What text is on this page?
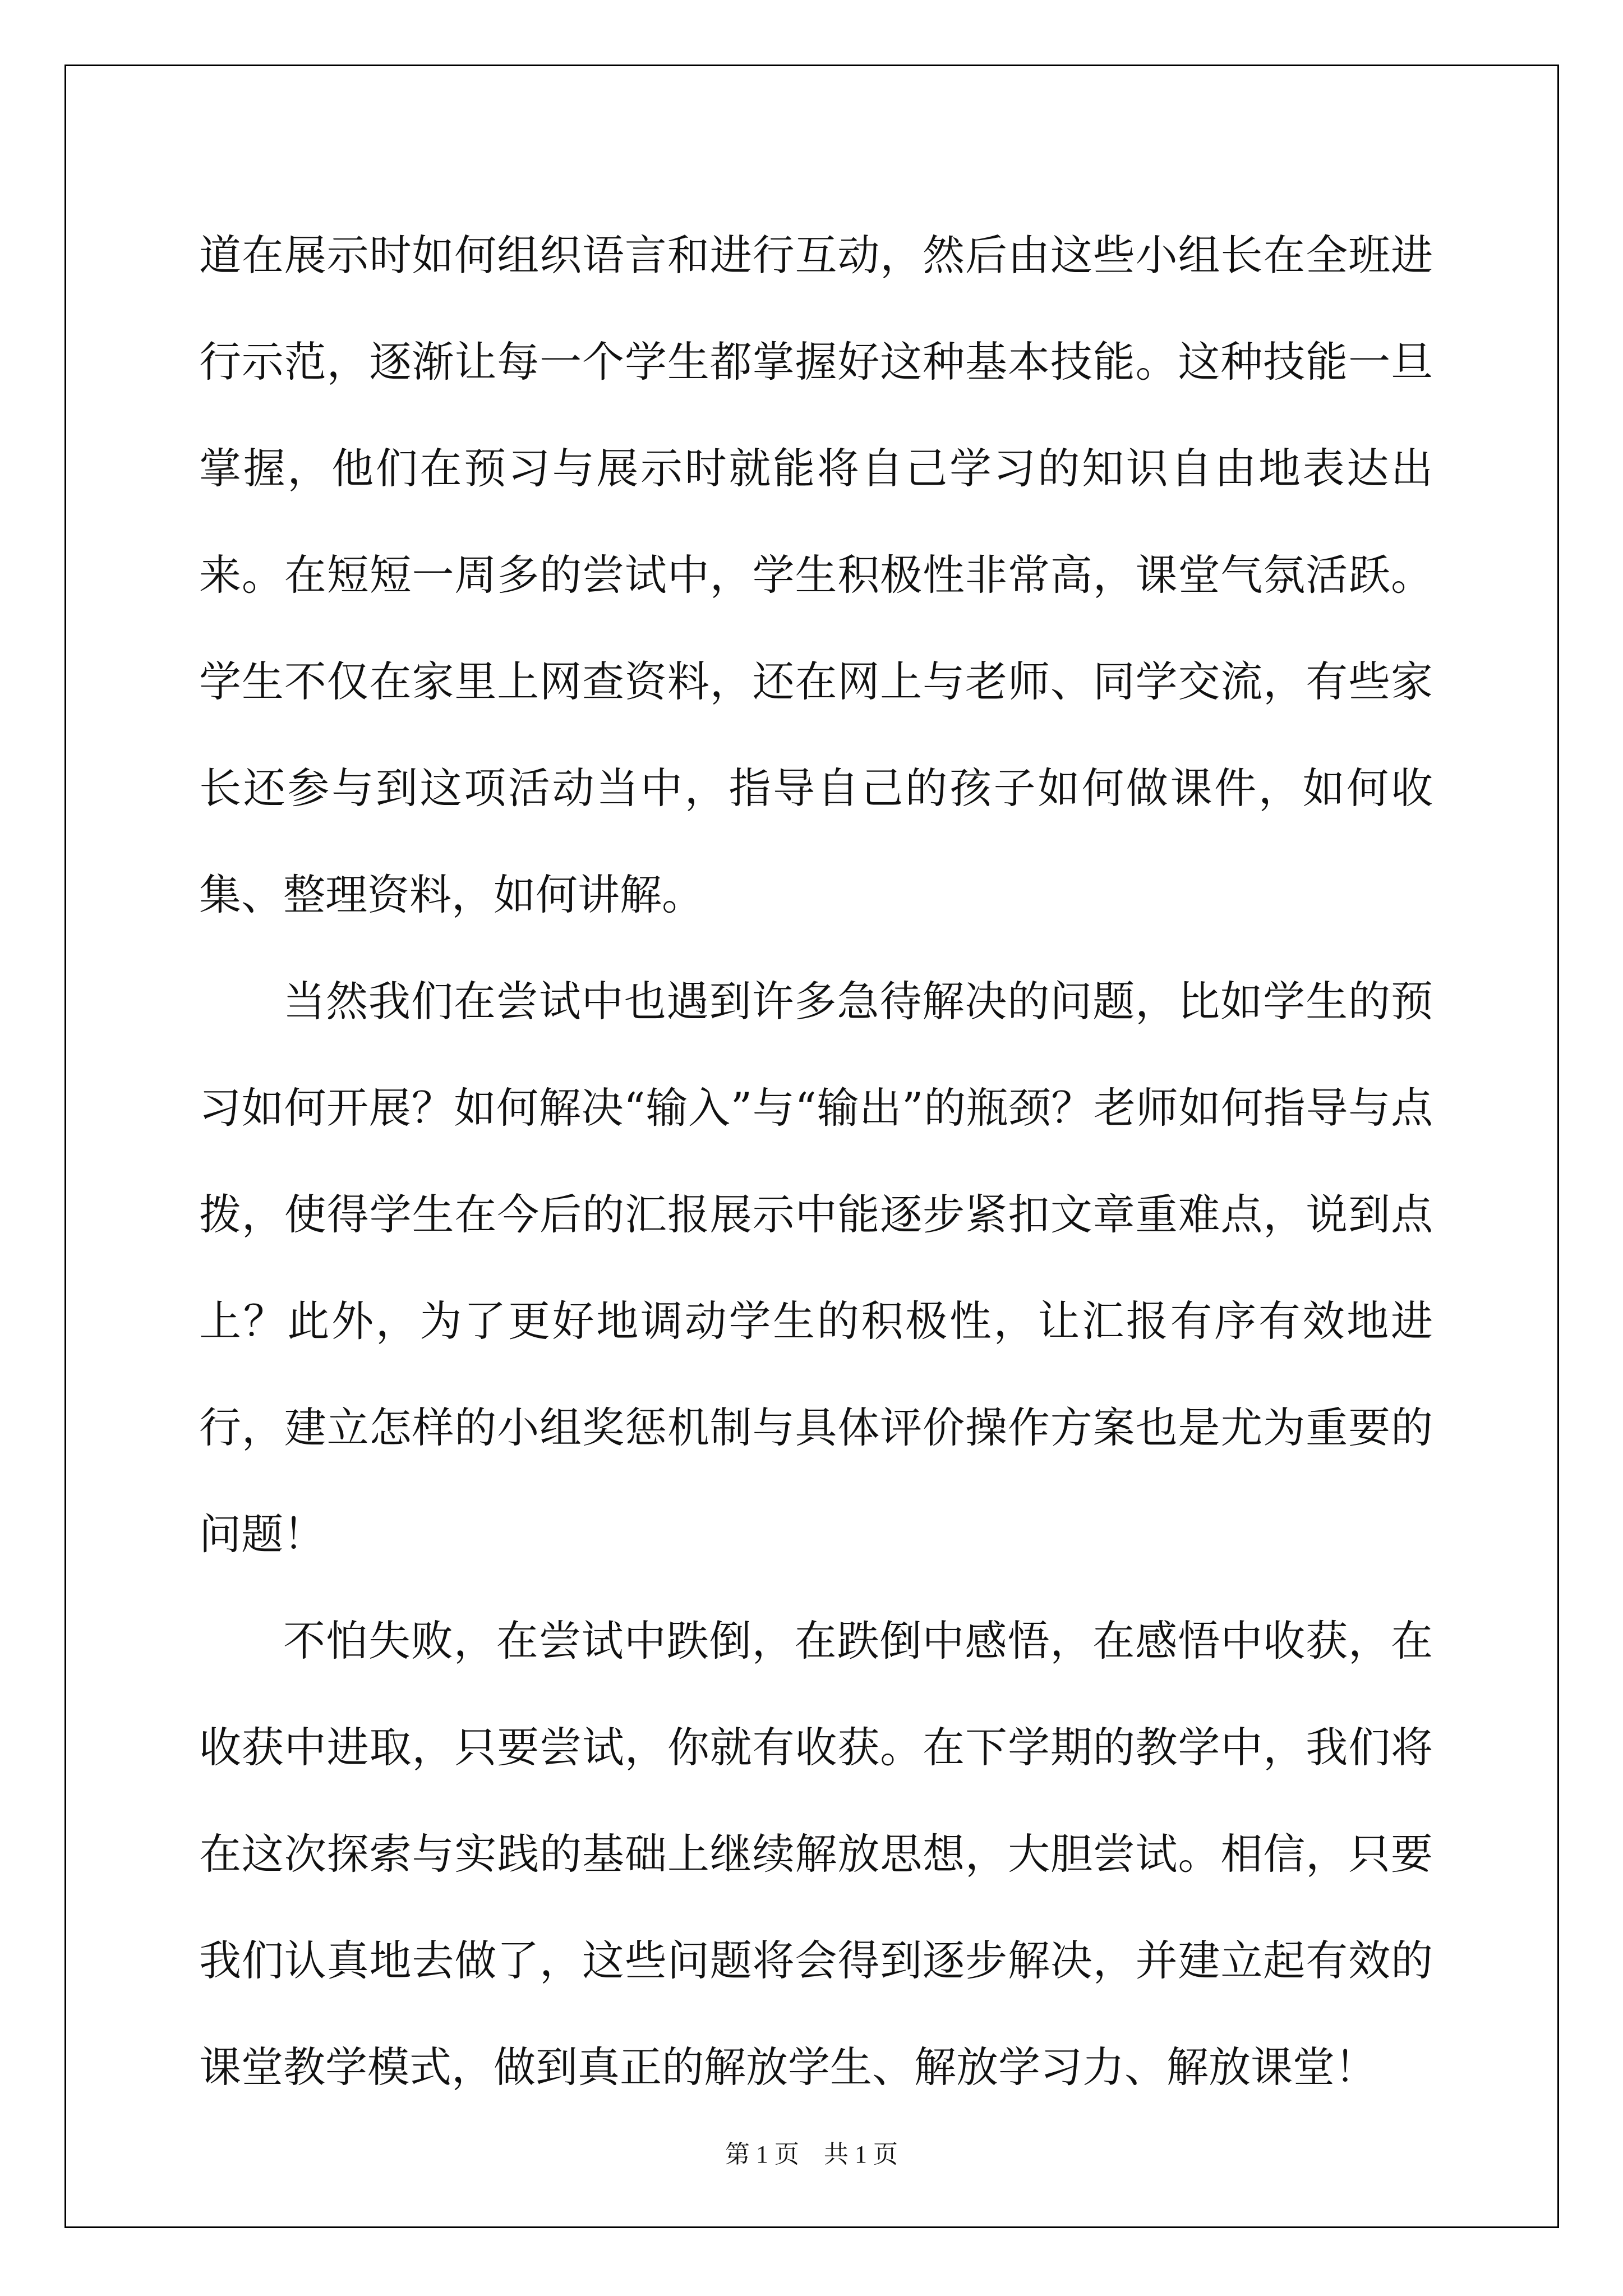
道在展示时如何组织语言和进行互动，然后由这些小组长在全班进行示范，逐渐让每一个学生都掌握好这种基本技能。这种技能一旦掌握，他们在预习与展示时就能将自己学习的知识自由地表达出来。在短短一周多的尝试中，学生积极性非常高，课堂气氛活跃。学生不仅在家里上网查资料，还在网上与老师、同学交流，有些家长还参与到这项活动当中，指导自己的孩子如何做课件，如何收集、整理资料，如何讲解。

当然我们在尝试中也遇到许多急待解决的问题，比如学生的预习如何开展？如何解决“输入”与“输出”的瓶颈？老师如何指导与点拨，使得学生在今后的汇报展示中能逐步紧扣文章重难点，说到点上？此外，为了更好地调动学生的积极性，让汇报有序有效地进行，建立怎样的小组奖惩机制与具体评价操作方案也是尤为重要的问题！

不怕失败，在尝试中跌倒，在跌倒中感悟，在感悟中收获，在收获中进取，只要尝试，你就有收获。在下学期的教学中，我们将在这次探索与实践的基础上继续解放思想，大胆尝试。相信，只要我们认真地去做了，这些问题将会得到逐步解决，并建立起有效的课堂教学模式，做到真正的解放学生、解放学习力、解放课堂！

第 1 页　共 1 页
